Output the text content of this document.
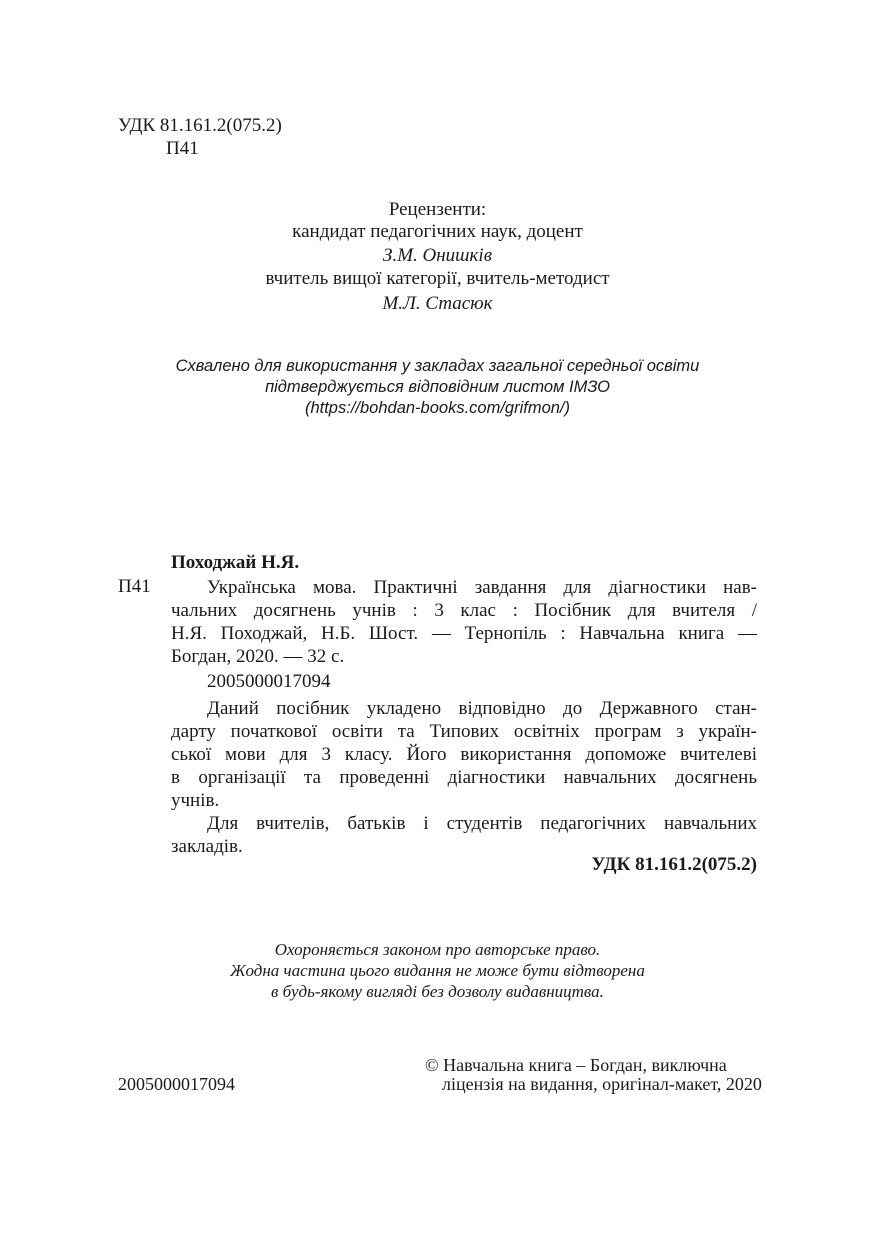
УДК 81.161.2(075.2)
П41
Рецензенти:
кандидат педагогічних наук, доцент
З.М. Онишків
вчитель вищої категорії, вчитель-методист
М.Л. Стасюк
Схвалено для використання у закладах загальної середньої освіти
підтверджується відповідним листом ІМЗО
(https://bohdan-books.com/grifmon/)
Походжай Н.Я.
П41	Українська мова. Практичні завдання для діагностики нав-
чальних досягнень учнів : 3 клас : Посібник для вчителя /
Н.Я. Походжай, Н.Б. Шост. — Тернопіль : Навчальна книга —
Богдан, 2020. — 32 с.
2005000017094
Даний посібник укладено відповідно до Державного стан-
дарту початкової освіти та Типових освітніх програм з україн-
ської мови для 3 класу. Його використання допоможе вчителеві
в організації та проведенні діагностики навчальних досягнень
учнів.
Для вчителів, батьків і студентів педагогічних навчальних
закладів.
УДК 81.161.2(075.2)
Охороняється законом про авторське право.
Жодна частина цього видання не може бути відтворена
в будь-якому вигляді без дозволу видавництва.
2005000017094
© Навчальна книга – Богдан, виключна
ліцензія на видання, оригінал-макет, 2020
